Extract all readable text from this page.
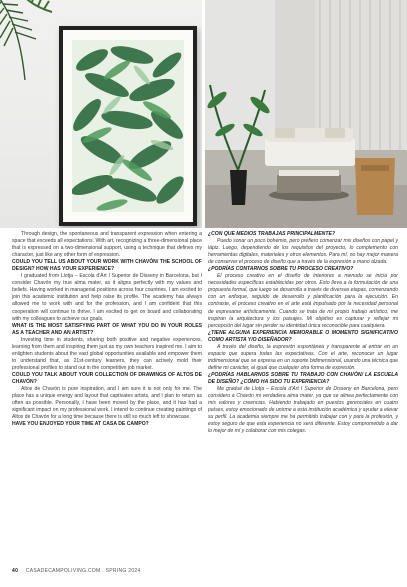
Through design, the spontaneous and transparent expression when entering a space that exceeds all expectations. With art, recognizing a three-dimensional place that is expressed on a two-dimensional support, using a technique that defines my character, just like any other form of expression.

COULD YOU TELL US ABOUT YOUR WORK WITH CHAVÓN/ THE SCHOOL OF DESIGN? HOW HAS YOUR EXPERIENCE?

I graduated from Llotja – Escola d'Art I Superior de Disseny in Barcelona, but I consider Chavón my true alma mater, as it aligns perfectly with my values and beliefs. Having worked in managerial positions across four countries, I am excited to join this academic institution and help raise its profile. The academy has always allowed me to work with and for the profession, and I am confident that this cooperation will continue to thrive. I am excited to get on board and collaborating with my colleagues to achieve our goals.

WHAT IS THE MOST SATISFYING PART OF WHAT YOU DO IN YOUR ROLES AS A TEACHER AND AN ARTIST?

Investing time in students, sharing both positive and negative experiences, learning from them and inspiring them just as my own teachers inspired me. I aim to enlighten students about the vast global opportunities available and empower them to understand that, as 21st-century learners, they can actively mold their professional profiles to stand out in the competitive job market.

COULD YOU TALK ABOUT YOUR COLLECTION OF DRAWINGS OF ALTOS DE CHAVÓN?

Altos de Chavón is pure inspiration, and I am sure it is not only for me. The place has a unique energy and layout that captivates artists, and I plan to return as often as possible. Personally, I have been moved by the place, and it has had a significant impact on my professional work. I intend to continue creating paintings of Altos de Chavón for a long time because there is still so much left to showcase.

HAVE YOU ENJOYED YOUR TIME AT CASA DE CAMPO?
¿CON QUÉ MEDIOS TRABAJAS PRINCIPALMENTE?

Puedo sonar un poco bohemio, pero prefiero comenzar mis diseños con papel y lápiz. Luego, dependiendo de los requisitos del proyecto, lo complemento con herramientas digitales, materiales y otros elementos. Para mí, no hay mejor manera de conservar el proceso de diseño que a través de la expresión a mano alzada.

¿PODRÍAS CONTARNOS SOBRE TU PROCESO CREATIVO?

El proceso creativo en el diseño de interiores a menudo se inicia por necesidades específicas establecidas por otros. Esto lleva a la formulación de una propuesta formal, que luego se desarrolla a través de diversas etapas, comenzando con un enfoque, seguido de desarrollo y planificación para la ejecución. En contraste, el proceso creativo en el arte está impulsado por la necesidad personal de expresarse artísticamente. Cuando se trata de mi propio trabajo artístico, me inspiran la arquitectura y los paisajes. Mi objetivo es capturar y reflejar mi percepción del lugar sin perder su identidad única reconocible para cualquiera.

¿TIENE ALGUNA EXPERIENCIA MEMORABLE O MOMENTO SIGNIFICATIVO COMO ARTISTA Y/O DISEÑADOR?

A través del diseño, la expresión espontánea y transparente al entrar en un espacio que supera todas las expectativas. Con el arte, reconocer un lugar tridimensional que se expresa en un soporte bidimensional, usando una técnica que define mi carácter, al igual que cualquier otra forma de expresión.

¿PODRÍAS HABLARNOS SOBRE TU TRABAJO CON CHAVÓN/ LA ESCUELA DE DISEÑO? ¿CÓMO HA SIDO TU EXPERIENCIA?

Me gradué de Llotja – Escola d'Art I Superior de Disseny en Barcelona, pero considero a Chavón mi verdadera alma mater, ya que se alinea perfectamente con mis valores y creencias. Habiendo trabajado en puestos gerenciales en cuatro países, estoy emocionado de unirme a esta institución académica y ayudar a elevar su perfil. La academia siempre me ha permitido trabajar con y para la profesión, y estoy seguro de que esta experiencia no será diferente. Estoy comprometido a dar lo mejor de mí y colaborar con mis colegas.

40 CASADECAMPOLIVING.COM . SPRING 2024
